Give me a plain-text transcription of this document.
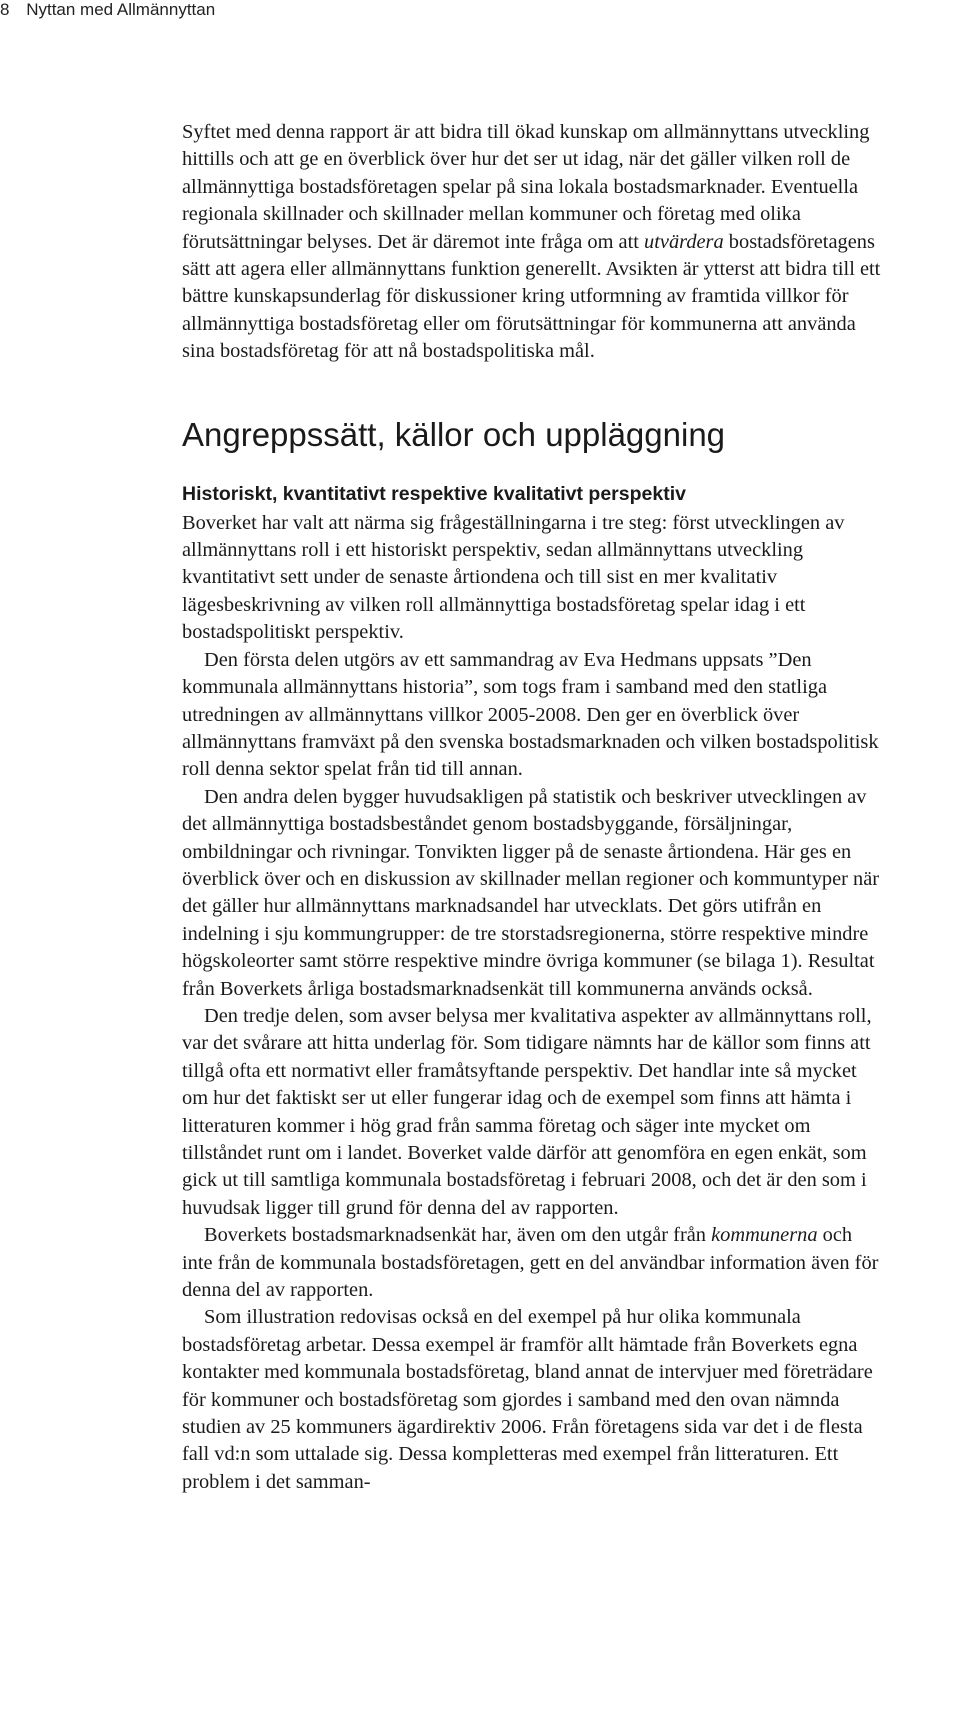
8 Nyttan med Allmännyttan

Syftet med denna rapport är att bidra till ökad kunskap om allmännyttans utveckling hittills och att ge en överblick över hur det ser ut idag, när det gäller vilken roll de allmännyttiga bostadsföretagen spelar på sina lokala bostadsmarknader. Eventuella regionala skillnader och skillnader mellan kommuner och företag med olika förutsättningar belyses. Det är däremot inte fråga om att utvärdera bostadsföretagens sätt att agera eller allmännyttans funktion generellt. Avsikten är ytterst att bidra till ett bättre kunskapsunderlag för diskussioner kring utformning av framtida villkor för allmännyttiga bostadsföretag eller om förutsättningar för kommunerna att använda sina bostadsföretag för att nå bostadspolitiska mål.

Angreppssätt, källor och uppläggning
Historiskt, kvantitativt respektive kvalitativt perspektiv

Boverket har valt att närma sig frågeställningarna i tre steg: först utvecklingen av allmännyttans roll i ett historiskt perspektiv, sedan allmännyttans utveckling kvantitativt sett under de senaste årtiondena och till sist en mer kvalitativ lägesbeskrivning av vilken roll allmännyttiga bostadsföretag spelar idag i ett bostadspolitiskt perspektiv.

Den första delen utgörs av ett sammandrag av Eva Hedmans uppsats ”Den kommunala allmännyttans historia”, som togs fram i samband med den statliga utredningen av allmännyttans villkor 2005-2008. Den ger en överblick över allmännyttans framväxt på den svenska bostadsmarknaden och vilken bostadspolitisk roll denna sektor spelat från tid till annan.

Den andra delen bygger huvudsakligen på statistik och beskriver utvecklingen av det allmännyttiga bostadsbeståndet genom bostadsbyggande, försäljningar, ombildningar och rivningar. Tonvikten ligger på de senaste årtiondena. Här ges en överblick över och en diskussion av skillnader mellan regioner och kommuntyper när det gäller hur allmännyttans marknadsandel har utvecklats. Det görs utifrån en indelning i sju kommungrupper: de tre storstadsregionerna, större respektive mindre högskoleorter samt större respektive mindre övriga kommuner (se bilaga 1). Resultat från Boverkets årliga bostadsmarknadsenkät till kommunerna används också.

Den tredje delen, som avser belysa mer kvalitativa aspekter av allmännyttans roll, var det svårare att hitta underlag för. Som tidigare nämnts har de källor som finns att tillgå ofta ett normativt eller framåtsyftande perspektiv. Det handlar inte så mycket om hur det faktiskt ser ut eller fungerar idag och de exempel som finns att hämta i litteraturen kommer i hög grad från samma företag och säger inte mycket om tillståndet runt om i landet. Boverket valde därför att genomföra en egen enkät, som gick ut till samtliga kommunala bostadsföretag i februari 2008, och det är den som i huvudsak ligger till grund för denna del av rapporten.

Boverkets bostadsmarknadsenkät har, även om den utgår från kommunerna och inte från de kommunala bostadsföretagen, gett en del användbar information även för denna del av rapporten.

Som illustration redovisas också en del exempel på hur olika kommunala bostadsföretag arbetar. Dessa exempel är framför allt hämtade från Boverkets egna kontakter med kommunala bostadsföretag, bland annat de intervjuer med företrädare för kommuner och bostadsföretag som gjordes i samband med den ovan nämnda studien av 25 kommuners ägardirektiv 2006. Från företagens sida var det i de flesta fall vd:n som uttalade sig. Dessa kompletteras med exempel från litteraturen. Ett problem i det samman-
